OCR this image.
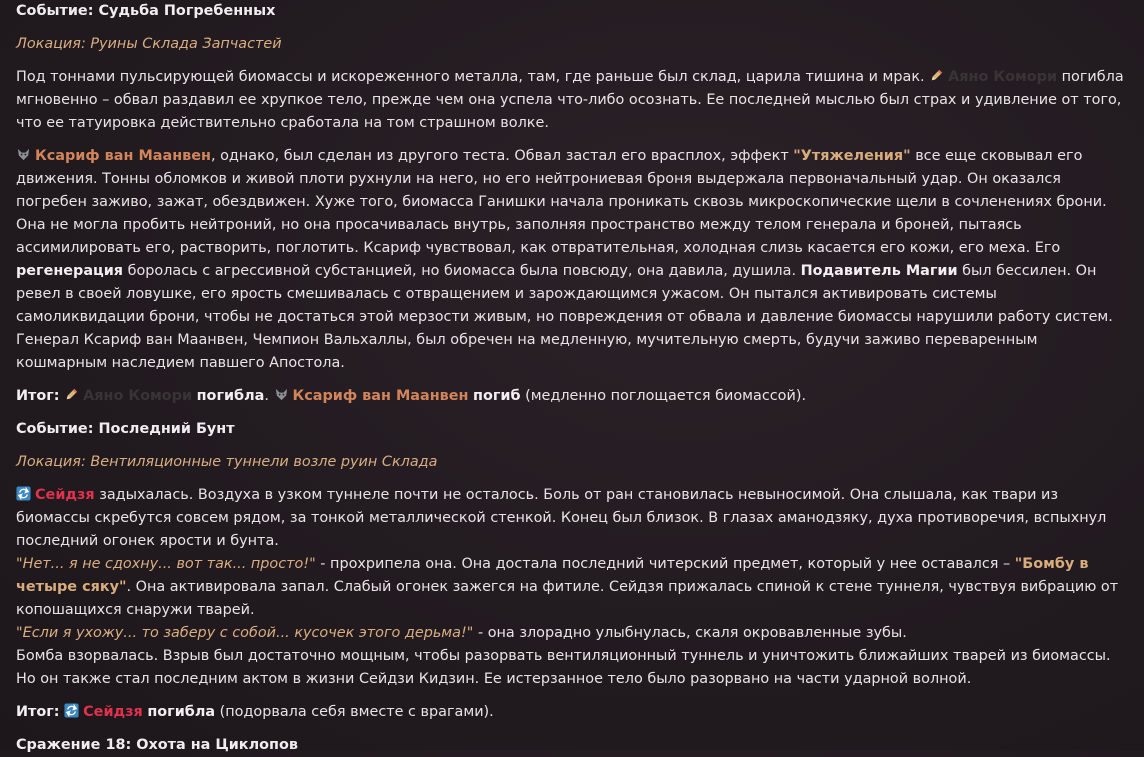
Событие: Судьба Погребенных

Локация: Руины Склада Запчастей

Под тоннами пульсирующей биомассы и искореженного металла, там, где раньше был склад, царила тишина и мрак.
Аяно Комори погибла мгновенно – обвал раздавил ее хрупкое тело, прежде чем она успела что-либо осознать. Ее последней мыслью был страх и удивление от того, что ее татуировка действительно сработала на том страшном волке.

Ксариф ван Маанвен, однако, был сделан из другого теста. Обвал застал его врасплох, эффект "Утяжеления" все еще сковывал его движения. Тонны обломков и живой плоти рухнули на него, но его нейтрониевая броня выдержала первоначальный удар. Он оказался погребен заживо, зажат, обездвижен. Хуже того, биомасса Ганишки начала проникать сквозь микроскопические щели в сочленениях брони. Она не могла пробить нейтроний, но она просачивалась внутрь, заполняя пространство между телом генерала и броней, пытаясь ассимилировать его, растворить, поглотить. Ксариф чувствовал, как отвратительная, холодная слизь касается его кожи, его меха. Его регенерация боролась с агрессивной субстанцией, но биомасса была повсюду, она давила, душила. Подавитель Магии был бессилен. Он ревел в своей ловушке, его ярость смешивалась с отвращением и зарождающимся ужасом. Он пытался активировать системы самоликвидации брони, чтобы не достаться этой мерзости живым, но повреждения от обвала и давление биомассы нарушили работу систем. Генерал Ксариф ван Маанвен, Чемпион Вальхаллы, был обречен на медленную, мучительную смерть, будучи заживо переваренным кошмарным наследием павшего Апостола.

Итог: Аяно Комори погибла. Ксариф ван Маанвен погиб (медленно поглощается биомассой).

Событие: Последний Бунт

Локация: Вентиляционные туннели возле руин Склада

Сейдзя задыхалась. Воздуха в узком туннеле почти не осталось. Боль от ран становилась невыносимой. Она слышала, как твари из биомассы скребутся совсем рядом, за тонкой металлической стенкой. Конец был близок. В глазах аманодзяку, духа противоречия, вспыхнул последний огонек ярости и бунта.

"Нет... я не сдохну... вот так... просто!" - прохрипела она. Она достала последний читерский предмет, который у нее оставался – "Бомбу в четыре сяку". Она активировала запал. Слабый огонек зажегся на фитиле. Сейдзя прижалась спиной к стене туннеля, чувствуя вибрацию от копошащихся снаружи тварей.

"Если я ухожу... то заберу с собой... кусочек этого дерьма!" - она злорадно улыбнулась, скаля окровавленные зубы.

Бомба взорвалась. Взрыв был достаточно мощным, чтобы разорвать вентиляционный туннель и уничтожить ближайших тварей из биомассы. Но он также стал последним актом в жизни Сейдзи Кидзин. Ее истерзанное тело было разорвано на части ударной волной.

Итог: Сейдзя погибла (подорвала себя вместе с врагами).

Сражение 18: Охота на Циклопов
